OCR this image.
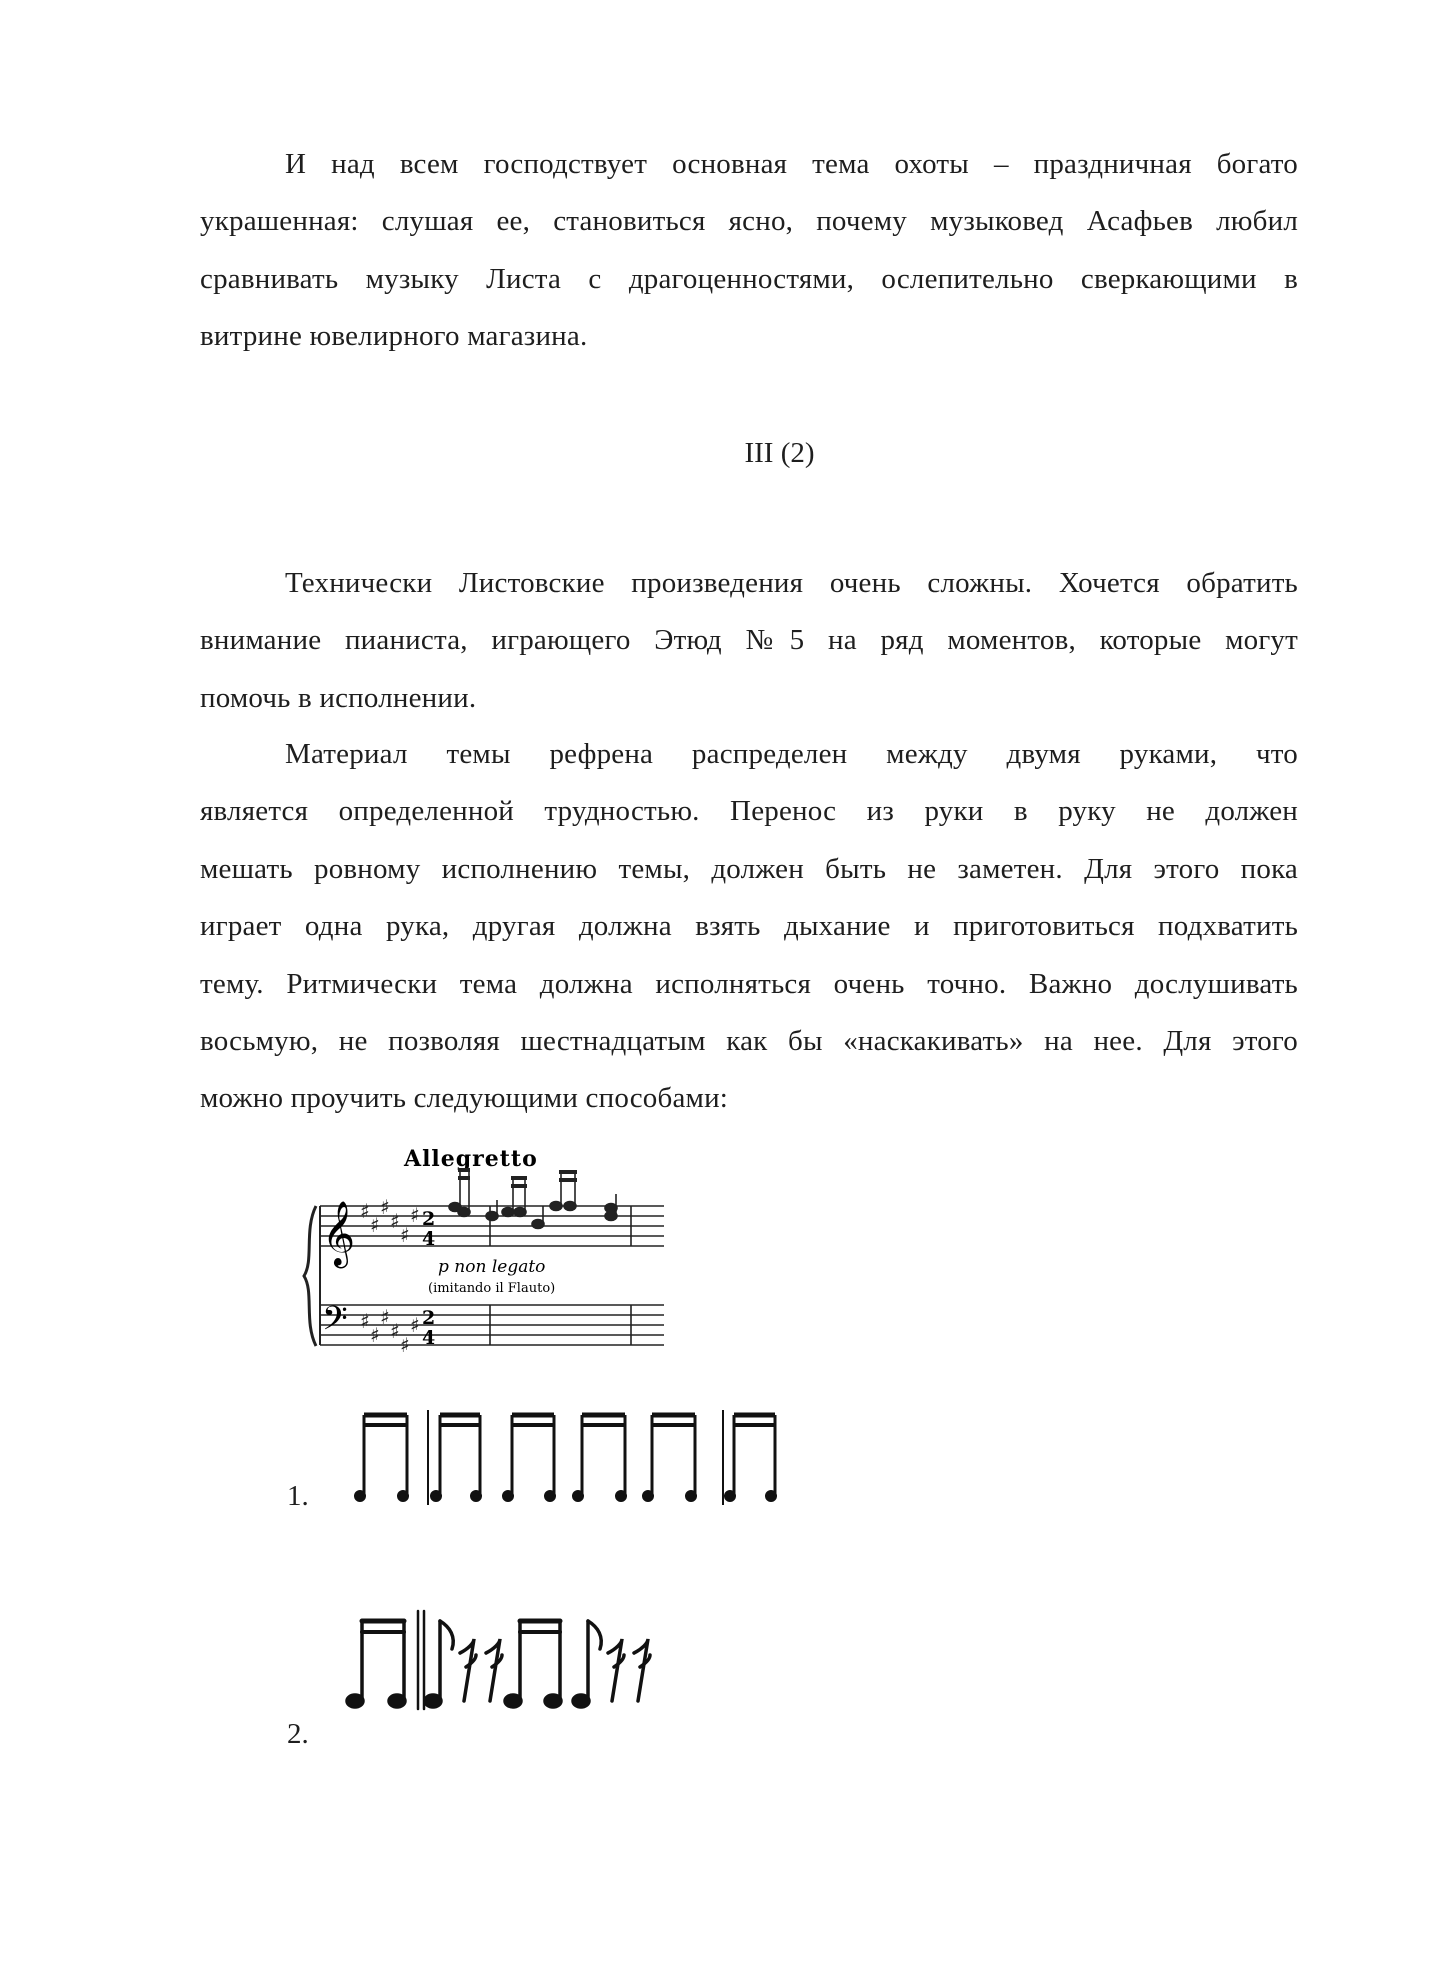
И над всем господствует основная тема охоты – праздничная богато
украшенная: слушая ее, становиться ясно, почему музыковед Асафьев любил
сравнивать музыку Листа с драгоценностями, ослепительно сверкающими в
витрине ювелирного магазина.
III (2)
Технически Листовские произведения очень сложны. Хочется обратить
внимание пианиста, играющего Этюд №5 на ряд моментов, которые могут
помочь в исполнении.
Материал темы рефрена распределен между двумя руками, что
является определенной трудностью. Перенос из руки в руку не должен
мешать ровному исполнению темы, должен быть не заметен. Для этого пока
играет одна рука, другая должна взять дыхание и приготовиться подхватить
тему. Ритмически тема должна исполняться очень точно. Важно дослушивать
восьмую, не позволяя шестнадцатым как бы «наскакивать» на нее. Для этого
можно проучить следующими способами:
Allegretto
𝄞
𝄢
♯
♯
♯
♯
♯
♯
♯
♯
♯
♯
♯
♯
2
4
2
4
p non legato
(imitando il Flauto)
1.
2.
